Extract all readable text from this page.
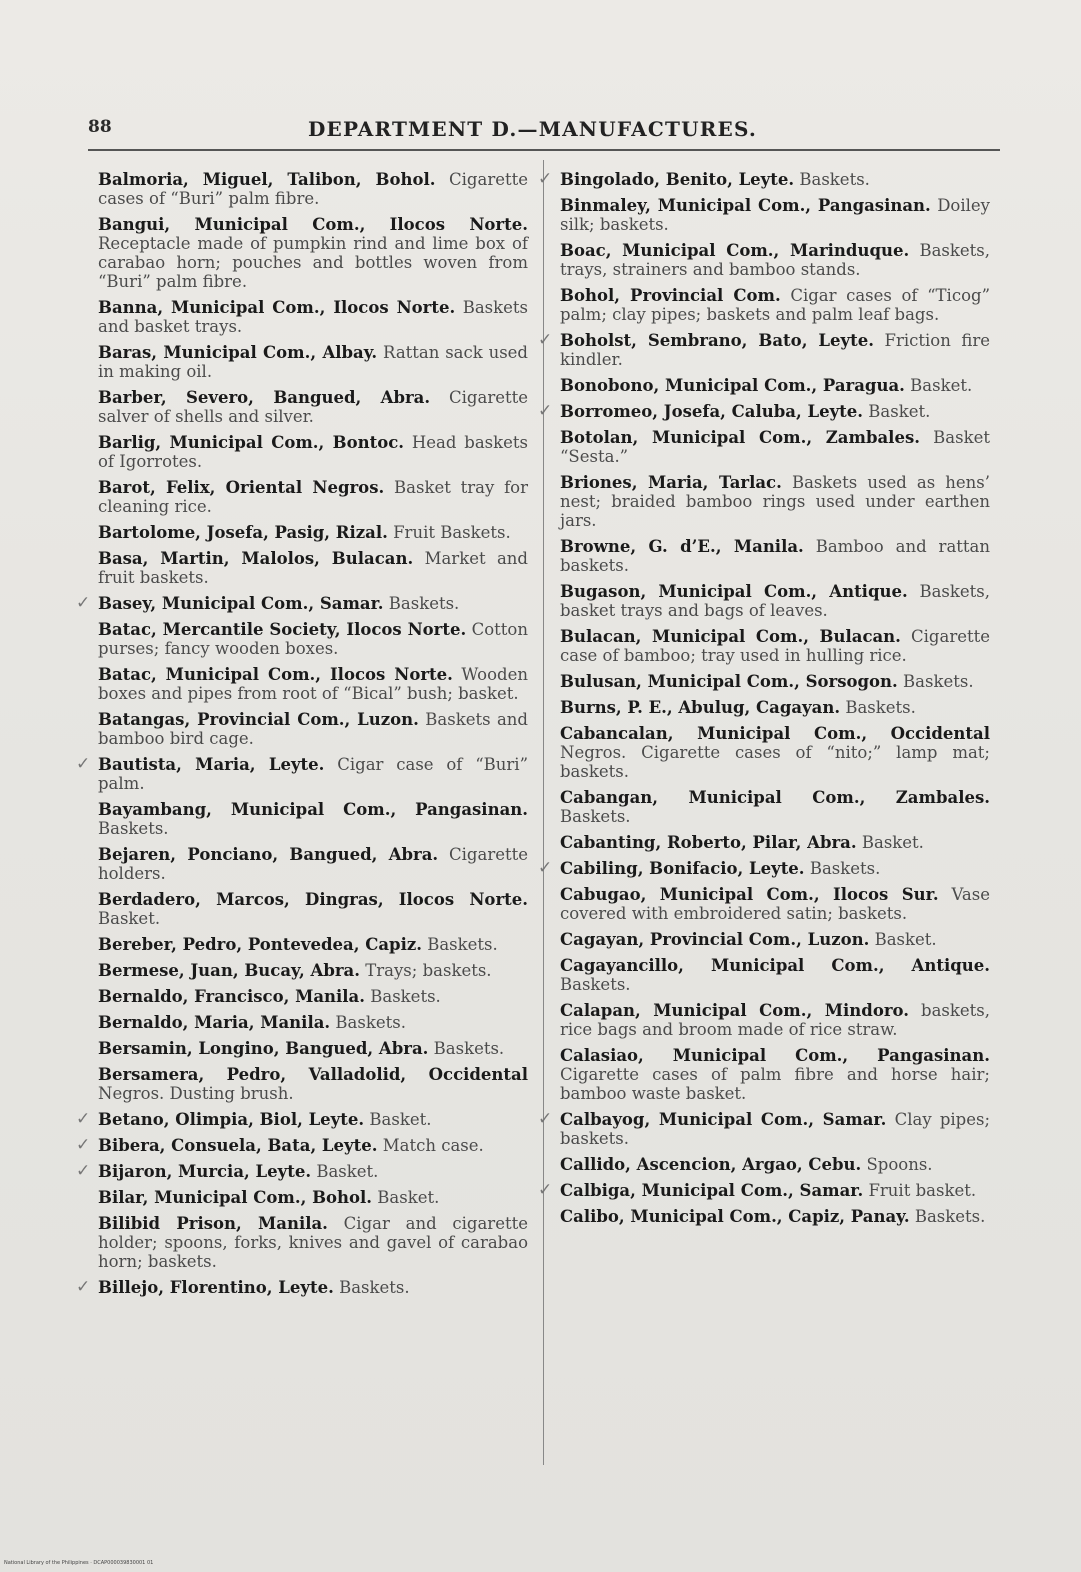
88	DEPARTMENT D.—MANUFACTURES.
Balmoria, Miguel, Talibon, Bohol. Cigarette cases of “Buri” palm fibre.
Bangui, Municipal Com., Ilocos Norte. Receptacle made of pumpkin rind and lime box of carabao horn; pouches and bottles woven from “Buri” palm fibre.
Banna, Municipal Com., Ilocos Norte. Baskets and basket trays.
Baras, Municipal Com., Albay. Rattan sack used in making oil.
Barber, Severo, Bangued, Abra. Cigarette salver of shells and silver.
Barlig, Municipal Com., Bontoc. Head baskets of Igorrotes.
Barot, Felix, Oriental Negros. Basket tray for cleaning rice.
Bartolome, Josefa, Pasig, Rizal. Fruit Baskets.
Basa, Martin, Malolos, Bulacan. Market and fruit baskets.
✓ Basey, Municipal Com., Samar. Baskets.
Batac, Mercantile Society, Ilocos Norte. Cotton purses; fancy wooden boxes.
Batac, Municipal Com., Ilocos Norte. Wooden boxes and pipes from root of “Bical” bush; basket.
Batangas, Provincial Com., Luzon. Baskets and bamboo bird cage.
✓ Bautista, Maria, Leyte. Cigar case of “Buri” palm.
Bayambang, Municipal Com., Pangasinan. Baskets.
Bejaren, Ponciano, Bangued, Abra. Cigarette holders.
Berdadero, Marcos, Dingras, Ilocos Norte. Basket.
Bereber, Pedro, Pontevedea, Capiz. Baskets.
Bermese, Juan, Bucay, Abra. Trays; baskets.
Bernaldo, Francisco, Manila. Baskets.
Bernaldo, Maria, Manila. Baskets.
Bersamin, Longino, Bangued, Abra. Baskets.
Bersamera, Pedro, Valladolid, Occidental Negros. Dusting brush.
✓ Betano, Olimpia, Biol, Leyte. Basket.
✓ Bibera, Consuela, Bata, Leyte. Match case.
✓ Bijaron, Murcia, Leyte. Basket.
Bilar, Municipal Com., Bohol. Basket.
Bilibid Prison, Manila. Cigar and cigarette holder; spoons, forks, knives and gavel of carabao horn; baskets.
✓ Billejo, Florentino, Leyte. Baskets.
✓ Bingolado, Benito, Leyte. Baskets.
Binmaley, Municipal Com., Pangasinan. Doiley silk; baskets.
Boac, Municipal Com., Marinduque. Baskets, trays, strainers and bamboo stands.
Bohol, Provincial Com. Cigar cases of “Ticog” palm; clay pipes; baskets and palm leaf bags.
✓ Boholst, Sembrano, Bato, Leyte. Friction fire kindler.
Bonobono, Municipal Com., Paragua. Basket.
✓ Borromeo, Josefa, Caluba, Leyte. Basket.
Botolan, Municipal Com., Zambales. Basket “Sesta.”
Briones, Maria, Tarlac. Baskets used as hens’ nest; braided bamboo rings used under earthen jars.
Browne, G. d’E., Manila. Bamboo and rattan baskets.
Bugason, Municipal Com., Antique. Baskets, basket trays and bags of leaves.
Bulacan, Municipal Com., Bulacan. Cigarette case of bamboo; tray used in hulling rice.
Bulusan, Municipal Com., Sorsogon. Baskets.
Burns, P. E., Abulug, Cagayan. Baskets.
Cabancalan, Municipal Com., Occidental Negros. Cigarette cases of “nito;” lamp mat; baskets.
Cabangan, Municipal Com., Zambales. Baskets.
Cabanting, Roberto, Pilar, Abra. Basket.
✓ Cabiling, Bonifacio, Leyte. Baskets.
Cabugao, Municipal Com., Ilocos Sur. Vase covered with embroidered satin; baskets.
Cagayan, Provincial Com., Luzon. Basket.
Cagayancillo, Municipal Com., Antique. Baskets.
Calapan, Municipal Com., Mindoro. baskets, rice bags and broom made of rice straw.
Calasiao, Municipal Com., Pangasinan. Cigarette cases of palm fibre and horse hair; bamboo waste basket.
✓ Calbayog, Municipal Com., Samar. Clay pipes; baskets.
Callido, Ascencion, Argao, Cebu. Spoons.
✓ Calbiga, Municipal Com., Samar. Fruit basket.
Calibo, Municipal Com., Capiz, Panay. Baskets.
National Library of the Philippines · DCAP000039830001 01
